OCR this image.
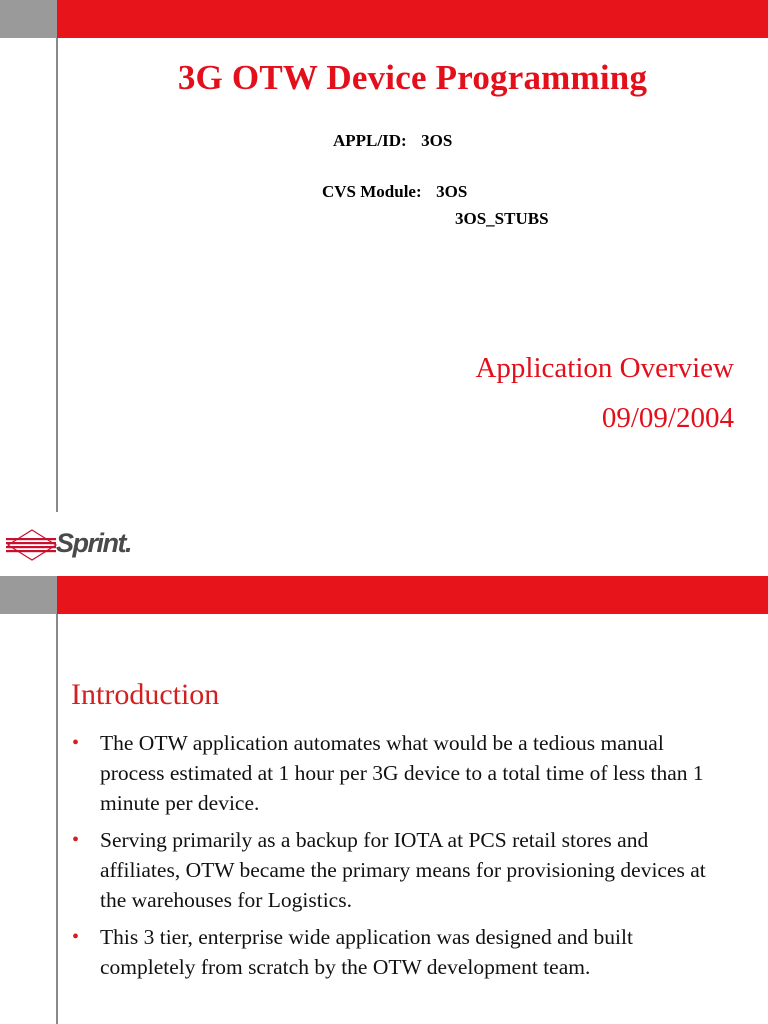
3G OTW Device Programming
APPL/ID: 3OS
CVS Module: 3OS
3OS_STUBS
Application Overview
09/09/2004
Sprint.
Introduction
• The OTW application automates what would be a tedious manual process estimated at 1 hour per 3G device to a total time of less than 1 minute per device.
• Serving primarily as a backup for IOTA at PCS retail stores and affiliates, OTW became the primary means for provisioning devices at the warehouses for Logistics.
• This 3 tier, enterprise wide application was designed and built completely from scratch by the OTW development team.
